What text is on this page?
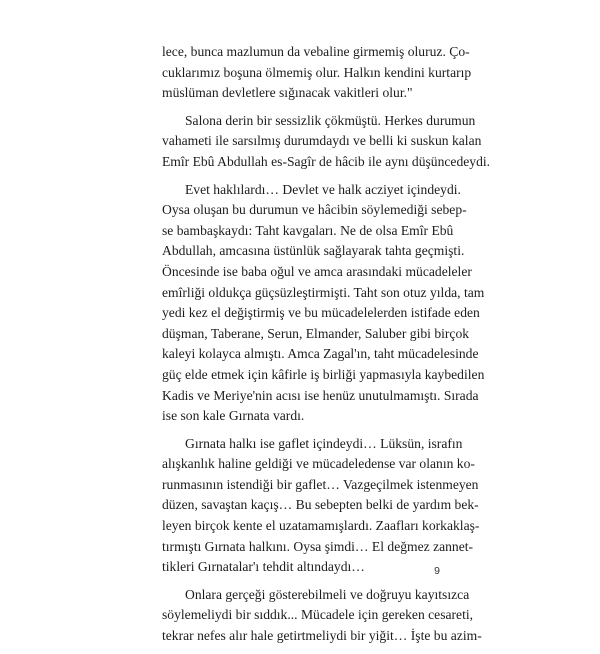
lece, bunca mazlumun da vebaline girmemiş oluruz. Ço-
cuklarımız boşuna ölmemiş olur. Halkın kendini kurtarıp
müslüman devletlere sığınacak vakitleri olur."

Salona derin bir sessizlik çökmüştü. Herkes durumun
vahameti ile sarsılmış durumdaydı ve belli ki suskun kalan
Emîr Ebû Abdullah es-Sagîr de hâcib ile aynı düşüncedeydi.

Evet haklılardı… Devlet ve halk acziyet içindeydi.
Oysa oluşan bu durumun ve hâcibin söylemediği sebep-
se bambaşkaydı: Taht kavgaları. Ne de olsa Emîr Ebû
Abdullah, amcasına üstünlük sağlayarak tahta geçmişti.
Öncesinde ise baba oğul ve amca arasındaki mücadeleler
emîrliği oldukça güçsüzleştirmişti. Taht son otuz yılda, tam
yedi kez el değiştirmiş ve bu mücadelelerden istifade eden
düşman, Taberane, Serun, Elmander, Saluber gibi birçok
kaleyi kolayca almıştı. Amca Zagal'ın, taht mücadelesinde
güç elde etmek için kâfirle iş birliği yapmasıyla kaybedilen
Kadis ve Meriye'nin acısı ise henüz unutulmamıştı. Sırada
ise son kale Gırnata vardı.

Gırnata halkı ise gaflet içindeydi… Lüksün, israfın
alışkanlık haline geldiği ve mücadeledense var olanın ko-
runmasının istendiği bir gaflet… Vazgeçilmek istenmeyen
düzen, savaştan kaçış… Bu sebepten belki de yardım bek-
leyen birçok kente el uzatamamışlardı. Zaafları korkaklaş-
tırmıştı Gırnata halkını. Oysa şimdi… El değmez zannet-
tikleri Gırnatalar'ı tehdit altındaydı…

Onlara gerçeği gösterebilmeli ve doğruyu kayıtsızca
söylemeliydi bir sıddık... Mücadele için gereken cesareti,
tekrar nefes alır hale getirtmeliydi bir yiğit… İşte bu azim-

9
